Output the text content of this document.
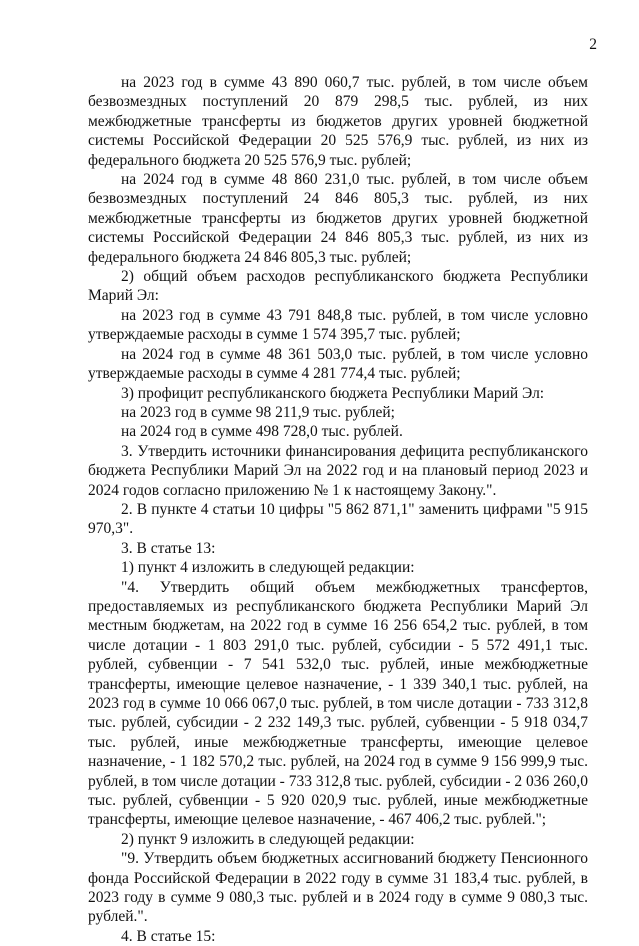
2

на 2023 год в сумме 43 890 060,7 тыс. рублей, в том числе объем безвозмездных поступлений 20 879 298,5 тыс. рублей, из них межбюджетные трансферты из бюджетов других уровней бюджетной системы Российской Федерации 20 525 576,9 тыс. рублей, из них из федерального бюджета 20 525 576,9 тыс. рублей;

на 2024 год в сумме 48 860 231,0 тыс. рублей, в том числе объем безвозмездных поступлений 24 846 805,3 тыс. рублей, из них межбюджетные трансферты из бюджетов других уровней бюджетной системы Российской Федерации 24 846 805,3 тыс. рублей, из них из федерального бюджета 24 846 805,3 тыс. рублей;

2) общий объем расходов республиканского бюджета Республики Марий Эл:

на 2023 год в сумме 43 791 848,8 тыс. рублей, в том числе условно утверждаемые расходы в сумме 1 574 395,7 тыс. рублей;

на 2024 год в сумме 48 361 503,0 тыс. рублей, в том числе условно утверждаемые расходы в сумме 4 281 774,4 тыс. рублей;

3) профицит республиканского бюджета Республики Марий Эл:

на 2023 год в сумме 98 211,9 тыс. рублей;

на 2024 год в сумме 498 728,0 тыс. рублей.

3. Утвердить источники финансирования дефицита республиканского бюджета Республики Марий Эл на 2022 год и на плановый период 2023 и 2024 годов согласно приложению № 1 к настоящему Закону.".

2. В пункте 4 статьи 10 цифры "5 862 871,1" заменить цифрами "5 915 970,3".

3. В статье 13:

1) пункт 4 изложить в следующей редакции:

"4. Утвердить общий объем межбюджетных трансфертов, предоставляемых из республиканского бюджета Республики Марий Эл местным бюджетам, на 2022 год в сумме 16 256 654,2 тыс. рублей, в том числе дотации - 1 803 291,0 тыс. рублей, субсидии - 5 572 491,1 тыс. рублей, субвенции - 7 541 532,0 тыс. рублей, иные межбюджетные трансферты, имеющие целевое назначение, - 1 339 340,1 тыс. рублей, на 2023 год в сумме 10 066 067,0 тыс. рублей, в том числе дотации - 733 312,8 тыс. рублей, субсидии - 2 232 149,3 тыс. рублей, субвенции - 5 918 034,7 тыс. рублей, иные межбюджетные трансферты, имеющие целевое назначение, - 1 182 570,2 тыс. рублей, на 2024 год в сумме 9 156 999,9 тыс. рублей, в том числе дотации - 733 312,8 тыс. рублей, субсидии - 2 036 260,0 тыс. рублей, субвенции - 5 920 020,9 тыс. рублей, иные межбюджетные трансферты, имеющие целевое назначение, - 467 406,2 тыс. рублей.";

2) пункт 9 изложить в следующей редакции:

"9. Утвердить объем бюджетных ассигнований бюджету Пенсионного фонда Российской Федерации в 2022 году в сумме 31 183,4 тыс. рублей, в 2023 году в сумме 9 080,3 тыс. рублей и в 2024 году в сумме 9 080,3 тыс. рублей.".

4. В статье 15:
